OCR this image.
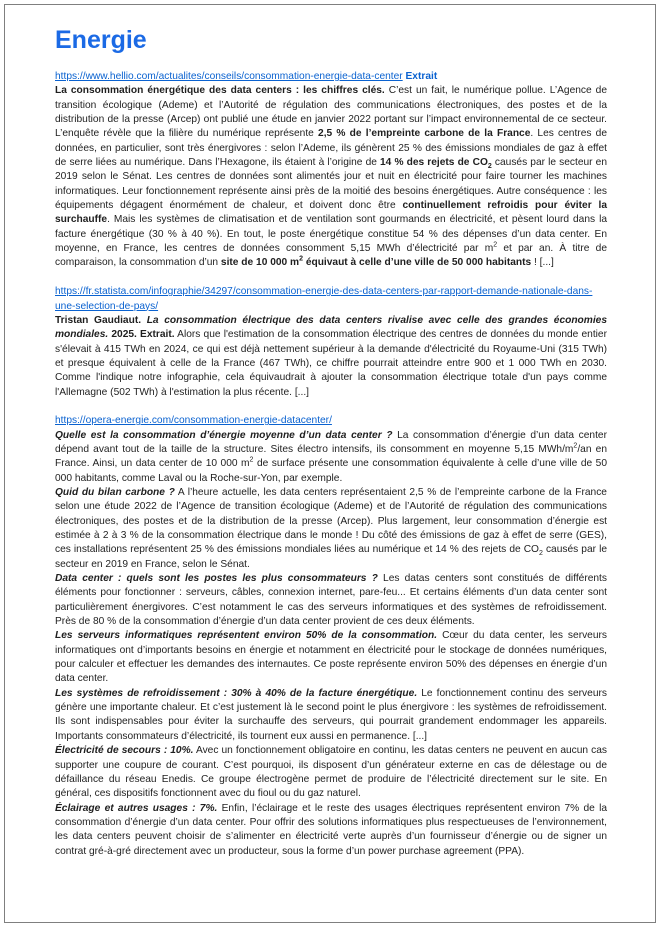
Energie

https://www.hellio.com/actualites/conseils/consommation-energie-data-center Extrait

La consommation énergétique des data centers : les chiffres clés. C’est un fait, le numérique pollue. L’Agence de transition écologique (Ademe) et l’Autorité de régulation des communications électroniques, des postes et de la distribution de la presse (Arcep) ont publié une étude en janvier 2022 portant sur l’impact environnemental de ce secteur. L’enquête révèle que la filière du numérique représente 2,5 % de l’empreinte carbone de la France. Les centres de données, en particulier, sont très énergivores : selon l’Ademe, ils génèrent 25 % des émissions mondiales de gaz à effet de serre liées au numérique. Dans l’Hexagone, ils étaient à l’origine de 14 % des rejets de $CO_2$ causés par le secteur en 2019 selon le Sénat. Les centres de données sont alimentés jour et nuit en électricité pour faire tourner les machines informatiques. Leur fonctionnement représente ainsi près de la moitié des besoins énergétiques. Autre conséquence : les équipements dégagent énormément de chaleur, et doivent donc être continuellement refroidis pour éviter la surchauffe. Mais les systèmes de climatisation et de ventilation sont gourmands en électricité, et pèsent lourd dans la facture énergétique (30 % à 40 %). En tout, le poste énergétique constitue 54 % des dépenses d’un data center. En moyenne, en France, les centres de données consomment 5,15 MWh d’électricité par $m^2$ et par an. À titre de comparaison, la consommation d’un site de 10 000 $m^2$ équivaut à celle d’une ville de 50 000 habitants ! [...]

https://fr.statista.com/infographie/34297/consommation-energie-des-data-centers-par-rapport-demande-nationale-dans-une-selection-de-pays/

Tristan Gaudiaut. La consommation électrique des data centers rivalise avec celle des grandes économies mondiales. 2025. Extrait. Alors que l'estimation de la consommation électrique des centres de données du monde entier s'élevait à 415 TWh en 2024, ce qui est déjà nettement supérieur à la demande d'électricité du Royaume-Uni (315 TWh) et presque équivalent à celle de la France (467 TWh), ce chiffre pourrait atteindre entre 900 et 1 000 TWh en 2030. Comme l'indique notre infographie, cela équivaudrait à ajouter la consommation électrique totale d'un pays comme l'Allemagne (502 TWh) à l'estimation la plus récente. [...]

https://opera-energie.com/consommation-energie-datacenter/

Quelle est la consommation d’énergie moyenne d’un data center ? La consommation d’énergie d’un data center dépend avant tout de la taille de la structure. Sites électro intensifs, ils consomment en moyenne 5,15 MWh/$m^2/an$ en France. Ainsi, un data center de 10 000 $m^2$ de surface présente une consommation équivalente à celle d’une ville de 50 000 habitants, comme Laval ou la Roche-sur-Yon, par exemple.

Quid du bilan carbone ? A l’heure actuelle, les data centers représentaient 2,5 % de l’empreinte carbone de la France selon une étude 2022 de l’Agence de transition écologique (Ademe) et de l’Autorité de régulation des communications électroniques, des postes et de la distribution de la presse (Arcep). Plus largement, leur consommation d’énergie est estimée à 2 à 3 % de la consommation électrique dans le monde ! Du côté des émissions de gaz à effet de serre (GES), ces installations représentent 25 % des émissions mondiales liées au numérique et 14 % des rejets de $CO_2$ causés par le secteur en 2019 en France, selon le Sénat.

Data center : quels sont les postes les plus consommateurs ? Les datas centers sont constitués de différents éléments pour fonctionner : serveurs, câbles, connexion internet, pare-feu... Et certains éléments d’un data center sont particulièrement énergivores. C’est notamment le cas des serveurs informatiques et des systèmes de refroidissement. Près de 80 % de la consommation d’énergie d’un data center provient de ces deux éléments.

Les serveurs informatiques représentent environ 50% de la consommation. Cœur du data center, les serveurs informatiques ont d’importants besoins en énergie et notamment en électricité pour le stockage de données numériques, pour calculer et effectuer les demandes des internautes. Ce poste représente environ 50% des dépenses en énergie d’un data center.

Les systèmes de refroidissement : 30% à 40% de la facture énergétique. Le fonctionnement continu des serveurs génère une importante chaleur. Et c’est justement là le second point le plus énergivore : les systèmes de refroidissement. Ils sont indispensables pour éviter la surchauffe des serveurs, qui pourrait grandement endommager les appareils. Importants consommateurs d’électricité, ils tournent eux aussi en permanence. [...]

Électricité de secours : 10%. Avec un fonctionnement obligatoire en continu, les datas centers ne peuvent en aucun cas supporter une coupure de courant. C’est pourquoi, ils disposent d’un générateur externe en cas de délestage ou de défaillance du réseau Enedis. Ce groupe électrogène permet de produire de l’électricité directement sur le site. En général, ces dispositifs fonctionnent avec du fioul ou du gaz naturel.

Éclairage et autres usages : 7%. Enfin, l’éclairage et le reste des usages électriques représentent environ 7% de la consommation d’énergie d’un data center. Pour offrir des solutions informatiques plus respectueuses de l’environnement, les data centers peuvent choisir de s’alimenter en électricité verte auprès d’un fournisseur d’énergie ou de signer un contrat gré-à-gré directement avec un producteur, sous la forme d’un power purchase agreement (PPA).
